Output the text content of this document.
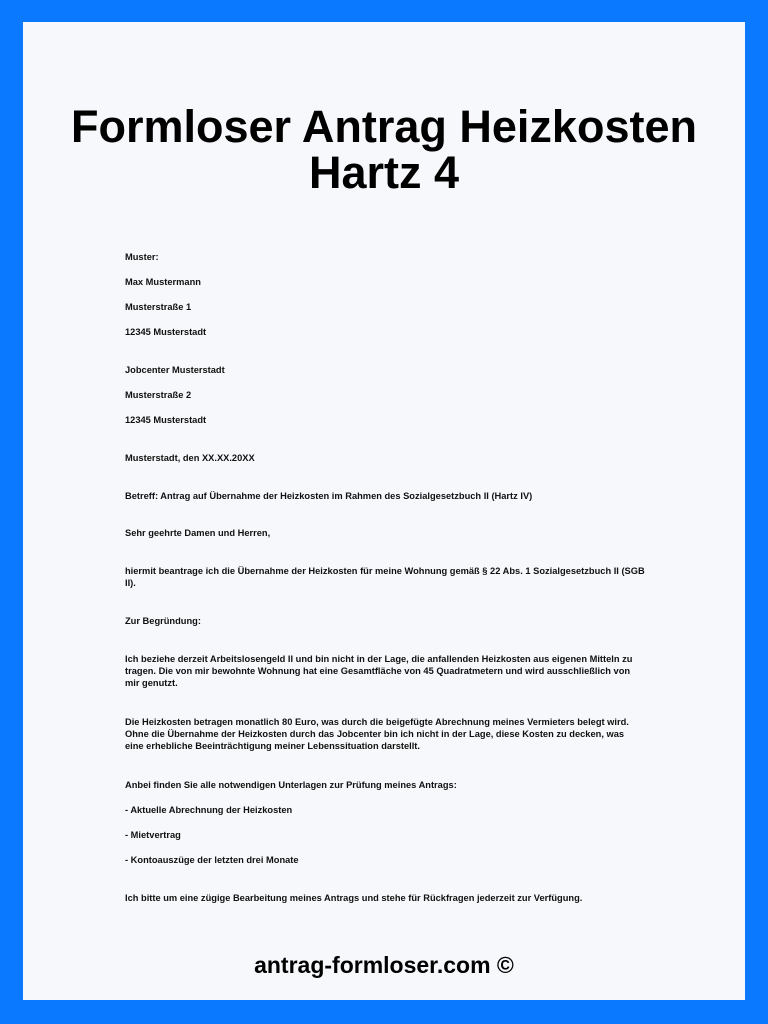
Formloser Antrag Heizkosten
Hartz 4

Muster:

Max Mustermann

Musterstraße 1

12345 Musterstadt

Jobcenter Musterstadt

Musterstraße 2

12345 Musterstadt

Musterstadt, den XX.XX.20XX

Betreff: Antrag auf Übernahme der Heizkosten im Rahmen des Sozialgesetzbuch II (Hartz IV)

Sehr geehrte Damen und Herren,

hiermit beantrage ich die Übernahme der Heizkosten für meine Wohnung gemäß § 22 Abs. 1 Sozialgesetzbuch II (SGB II).

Zur Begründung:

Ich beziehe derzeit Arbeitslosengeld II und bin nicht in der Lage, die anfallenden Heizkosten aus eigenen Mitteln zu tragen. Die von mir bewohnte Wohnung hat eine Gesamtfläche von 45 Quadratmetern und wird ausschließlich von mir genutzt.

Die Heizkosten betragen monatlich 80 Euro, was durch die beigefügte Abrechnung meines Vermieters belegt wird. Ohne die Übernahme der Heizkosten durch das Jobcenter bin ich nicht in der Lage, diese Kosten zu decken, was eine erhebliche Beeinträchtigung meiner Lebenssituation darstellt.

Anbei finden Sie alle notwendigen Unterlagen zur Prüfung meines Antrags:

- Aktuelle Abrechnung der Heizkosten

- Mietvertrag

- Kontoauszüge der letzten drei Monate

Ich bitte um eine zügige Bearbeitung meines Antrags und stehe für Rückfragen jederzeit zur Verfügung.

antrag-formloser.com ©
